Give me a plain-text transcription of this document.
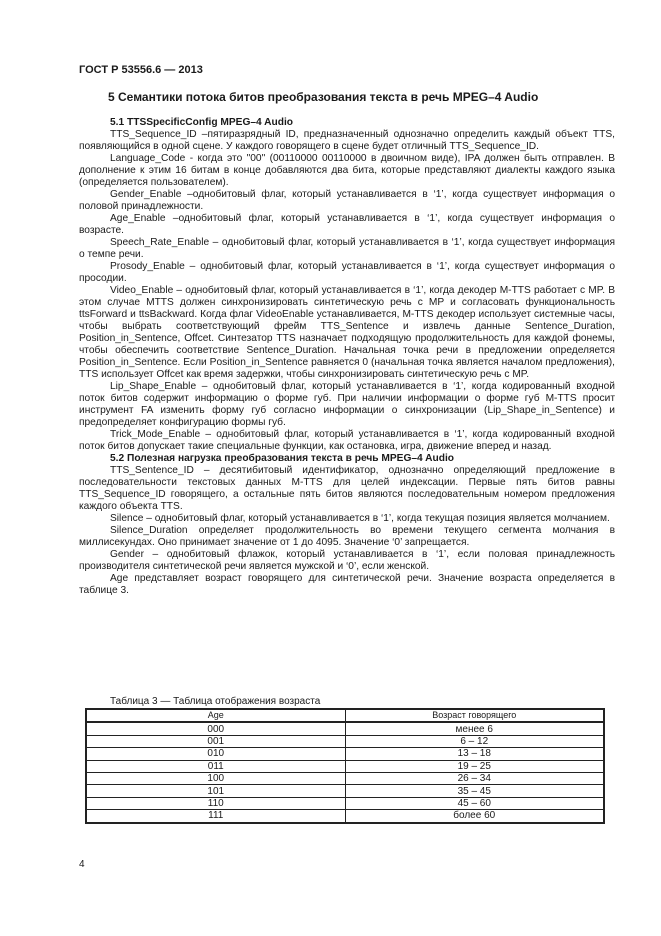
ГОСТ Р 53556.6 — 2013
5 Семантики потока битов преобразования текста в речь MPEG–4 Audio

5.1 TTSSpecificConfig MPEG–4 Audio

TTS_Sequence_ID –пятиразрядный ID, предназначенный однозначно определить каждый объект TTS, появляющийся в одной сцене. У каждого говорящего в сцене будет отличный TTS_Sequence_ID.

Language_Code - когда это "00" (00110000 00110000 в двоичном виде), IPA должен быть отправлен. В дополнение к этим 16 битам в конце добавляются два бита, которые представляют диалекты каждого языка (определяется пользователем).

Gender_Enable –однобитовый флаг, который устанавливается в ‘1’, когда существует информация о половой принадлежности.

Age_Enable –однобитовый флаг, который устанавливается в ‘1’, когда существует информация о возрасте.

Speech_Rate_Enable – однобитовый флаг, который устанавливается в ‘1’, когда существует информация о темпе речи.

Prosody_Enable – однобитовый флаг, который устанавливается в ‘1’, когда существует информация о просодии.

Video_Enable – однобитовый флаг, который устанавливается в ‘1’, когда декодер M-TTS работает с MP. В этом случае MTTS должен синхронизировать синтетическую речь с MP и согласовать функциональность ttsForward и ttsBackward. Когда флаг VideoEnable устанавливается, M-TTS декодер использует системные часы, чтобы выбрать соответствующий фрейм TTS_Sentence и извлечь данные Sentence_Duration, Position_in_Sentence, Offcet. Синтезатор TTS назначает подходящую продолжительность для каждой фонемы, чтобы обеспечить соответствие Sentence_Duration. Начальная точка речи в предложении определяется Position_in_Sentence. Если Position_in_Sentence равняется 0 (начальная точка является началом предложения), TTS использует Offcet как время задержки, чтобы синхронизировать синтетическую речь с MP.

Lip_Shape_Enable – однобитовый флаг, который устанавливается в ‘1’, когда кодированный входной поток битов содержит информацию о форме губ. При наличии информации о форме губ M-TTS просит инструмент FA изменить форму губ согласно информации о синхронизации (Lip_Shape_in_Sentence) и предопределяет конфигурацию формы губ.

Trick_Mode_Enable – однобитовый флаг, который устанавливается в ‘1’, когда кодированный входной поток битов допускает такие специальные функции, как остановка, игра, движение вперед и назад.

5.2 Полезная нагрузка преобразования текста в речь MPEG–4 Audio

TTS_Sentence_ID – десятибитовый идентификатор, однозначно определяющий предложение в последовательности текстовых данных M-TTS для целей индексации. Первые пять битов равны TTS_Sequence_ID говорящего, а остальные пять битов являются последовательным номером предложения каждого объекта TTS.

Silence – однобитовый флаг, который устанавливается в ‘1’, когда текущая позиция является молчанием.

Silence_Duration определяет продолжительность во времени текущего сегмента молчания в миллисекундах. Оно принимает значение от 1 до 4095. Значение ‘0’ запрещается.

Gender – однобитовый флажок, который устанавливается в ‘1’, если половая принадлежность производителя синтетической речи является мужской и ‘0’, если женской.

Age представляет возраст говорящего для синтетической речи. Значение возраста определяется в таблице 3.

Таблица 3 — Таблица отображения возраста
Age	Возраст говорящего
000	менее 6
001	6 – 12
010	13 – 18
011	19 – 25
100	26 – 34
101	35 – 45
110	45 – 60
111	более 60
4
